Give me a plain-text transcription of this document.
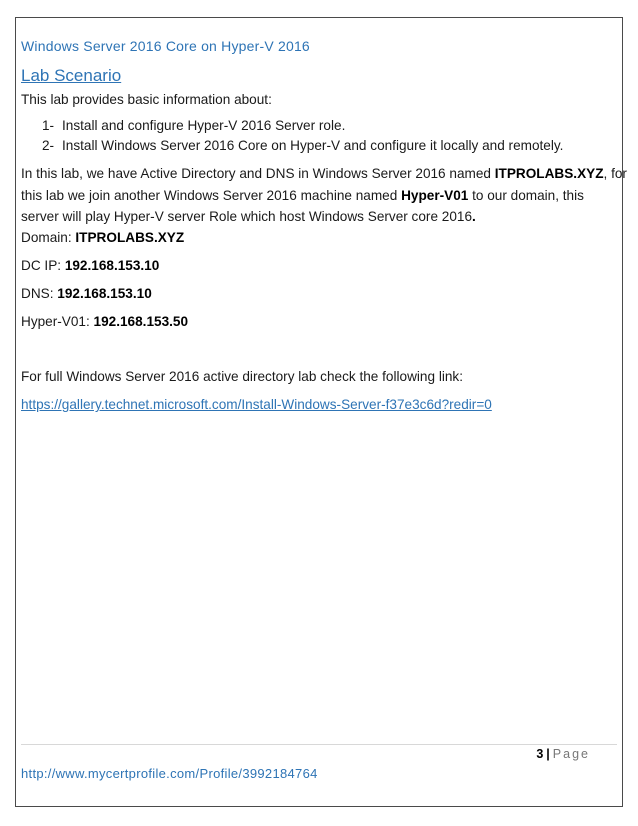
Windows Server 2016 Core on Hyper-V 2016
Lab Scenario
This lab provides basic information about:
1- Install and configure Hyper-V 2016 Server role.
2- Install Windows Server 2016 Core on Hyper-V and configure it locally and remotely.
In this lab, we have Active Directory and DNS in Windows Server 2016 named ITPROLABS.XYZ, for
this lab we join another Windows Server 2016 machine named Hyper-V01 to our domain, this
server will play Hyper-V server Role which host Windows Server core 2016.
Domain: ITPROLABS.XYZ
DC IP: 192.168.153.10
DNS: 192.168.153.10
Hyper-V01: 192.168.153.50
For full Windows Server 2016 active directory lab check the following link:
https://gallery.technet.microsoft.com/Install-Windows-Server-f37e3c6d?redir=0
3 | Page
http://www.mycertprofile.com/Profile/3992184764
